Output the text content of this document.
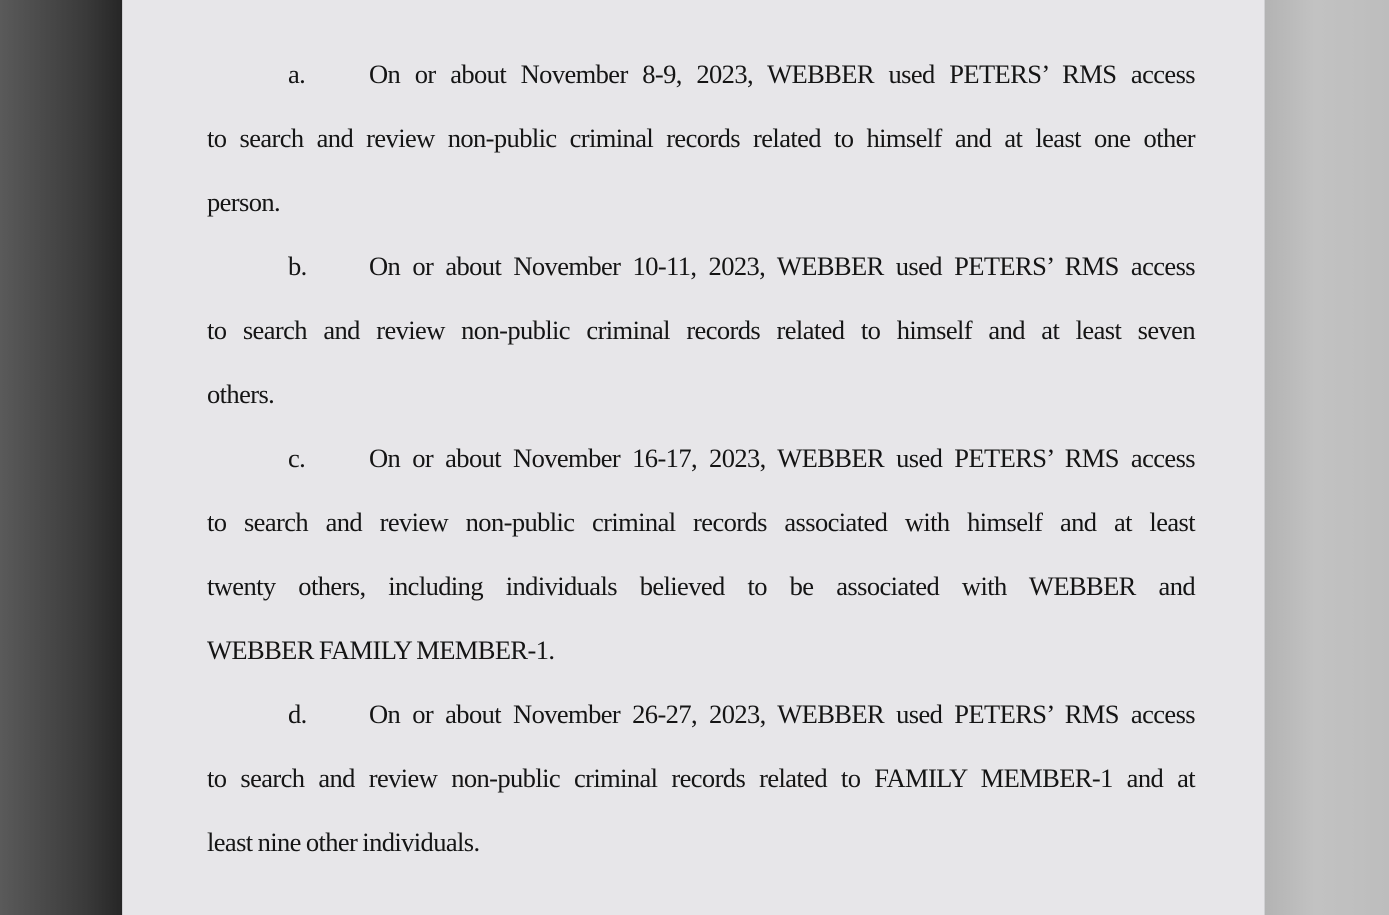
a.	On or about November 8-9, 2023, WEBBER used PETERS’ RMS access
to search and review non-public criminal records related to himself and at least one other
person.
b.	On or about November 10-11, 2023, WEBBER used PETERS’ RMS access
to search and review non-public criminal records related to himself and at least seven
others.
c.	On or about November 16-17, 2023, WEBBER used PETERS’ RMS access
to search and review non-public criminal records associated with himself and at least
twenty others, including individuals believed to be associated with WEBBER and
WEBBER FAMILY MEMBER-1.
d.	On or about November 26-27, 2023, WEBBER used PETERS’ RMS access
to search and review non-public criminal records related to FAMILY MEMBER-1 and at
least nine other individuals.
